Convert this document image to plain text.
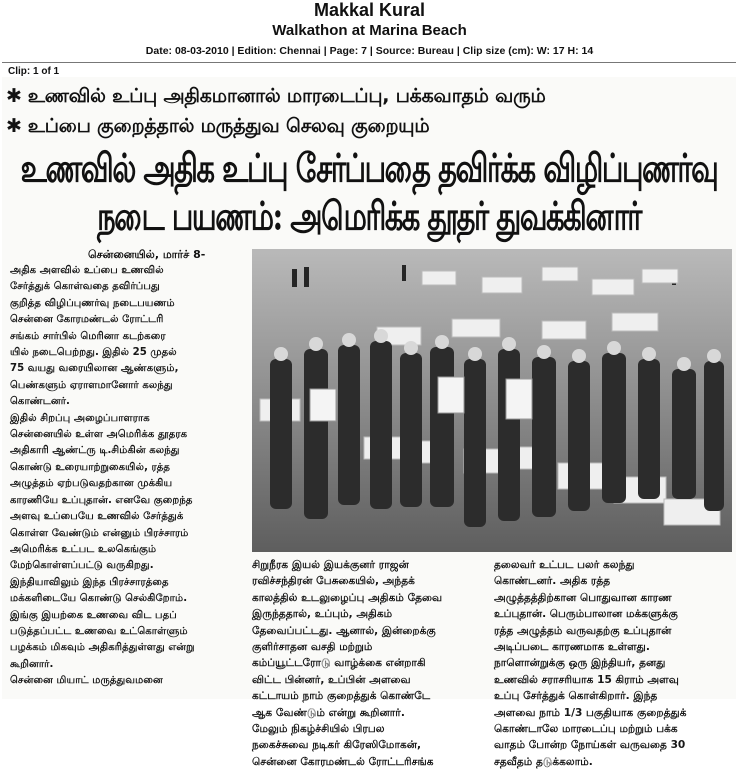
Makkal Kural
Walkathon at Marina Beach
Date: 08-03-2010 | Edition: Chennai | Page: 7 | Source: Bureau | Clip size (cm): W: 17 H: 14
Clip: 1 of 1
✱ உணவில் உப்பு அதிகமானால் மாரடைப்பு, பக்கவாதம் வரும்
✱ உப்பை குறைத்தால் மருத்துவ செலவு குறையும்
உணவில் அதிக உப்பு சேர்ப்பதை தவிர்க்க விழிப்புணர்வு
நடை பயணம்: அமெரிக்க தூதர் துவக்கினார்
சென்னையில், மார்ச் 8-

அதிக அளவில் உப்பை உணவில்
சேர்த்துக் கொள்வதை தவிர்ப்பது
குறித்த விழிப்புணர்வு நடைபயணம்
சென்னை கோரமண்டல் ரோட்டரி
சங்கம் சார்பில் மெரினா கடற்கரை
யில் நடைபெற்றது. இதில் 25 முதல்
75 வயது வரையிலான ஆண்களும்,
பெண்களும் ஏராளமானோர் கலந்து
கொண்டனர்.
இதில் சிறப்பு அழைப்பாளராக
சென்னையில் உள்ள அமெரிக்க தூதரக
அதிகாரி ஆண்ட்ரு டி.சிம்கின் கலந்து
கொண்டு உரையாற்றுகையில், ரத்த
அழுத்தம் ஏற்படுவதற்கான முக்கிய
காரணியே உப்புதான். எனவே குறைந்த
அளவு உப்பையே உணவில் சேர்த்துக்
கொள்ள வேண்டும் என்னும் பிரச்சாரம்
அமெரிக்க உட்பட உலகெங்கும்
மேற்கொள்ளப்பட்டு வருகிறது.
இந்தியாவிலும் இந்த பிரச்சாரத்தை
மக்களிடையே கொண்டு செல்கிறோம்.
இங்கு இயற்கை உணவை விட பதப்
படுத்தப்பட்ட உணவை உட்கொள்ளும்
பழக்கம் மிகவும் அதிகரித்துள்ளது என்று
கூறினார்.
சென்னை மியாட் மருத்துவமனை

சிறுநீரக இயல் இயக்குனர் ராஜன்
ரவிச்சந்திரன் பேசுகையில், அந்தக்
காலத்தில் உடலுழைப்பு அதிகம் தேவை
இருந்ததால், உப்பும், அதிகம்
தேவைப்பட்டது. ஆனால், இன்றைக்கு
குளிர்சாதன வசதி மற்றும்
கம்ப்யூட்டரோடு வாழ்க்கை என்றாகி
விட்ட பின்னர், உப்பின் அளவை
கட்டாயம் நாம் குறைத்துக் கொண்டே
ஆக வேண்டும் என்று கூறினார்.
மேலும் நிகழ்ச்சியில் பிரபல
நகைச்சுவை நடிகர் கிரேஸிமோகன்,
சென்னை கோரமண்டல் ரோட்டரிசங்க

தலைவர் உட்பட பலர் கலந்து
கொண்டனர். அதிக ரத்த
அழுத்தத்திற்கான பொதுவான காரண
உப்புதான். பெரும்பாலான மக்களுக்கு
ரத்த அழுத்தம் வருவதற்கு உப்புதான்
அடிப்படை காரணமாக உள்ளது.
நாளொன்றுக்கு ஒரு இந்தியர், தனது
உணவில் சராசரியாக 15 கிராம் அளவு
உப்பு சேர்த்துக் கொள்கிறார். இந்த
அளவை நாம் 1/3 பகுதியாக குறைத்துக்
கொண்டாலே மாரடைப்பு மற்றும் பக்க
வாதம் போன்ற நோய்கள் வருவதை 30
சதவீதம் தடுக்கலாம்.
